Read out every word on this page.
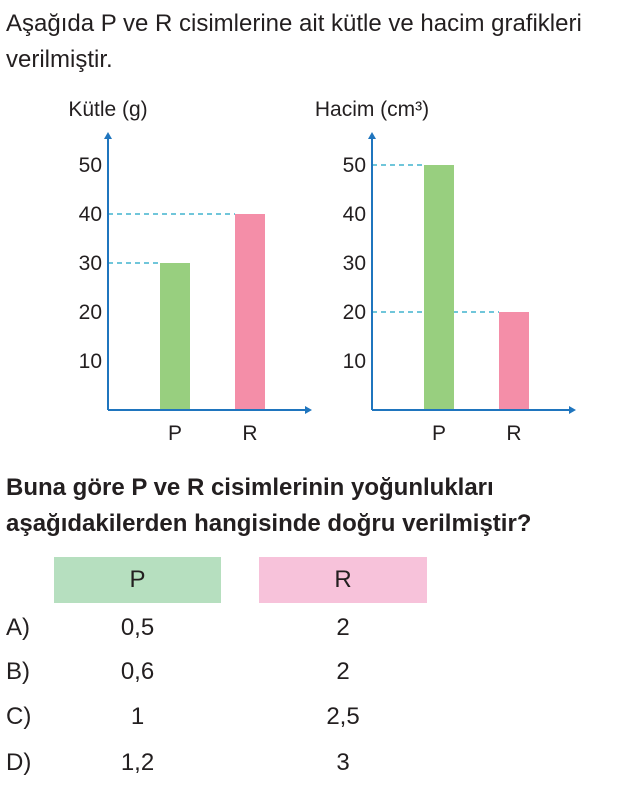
Aşağıda P ve R cisimlerine ait kütle ve hacim grafikleri verilmiştir.

10
20
30
40
50
P	R
Kütle (g)
10
20
30
40
50
P	R
Hacim (cm³)

Buna göre P ve R cisimlerinin yoğunlukları aşağıdakilerden hangisinde doğru verilmiştir?

P	R
A)	0,5	2
B)	0,6	2
C)	1	2,5
D)	1,2	3
